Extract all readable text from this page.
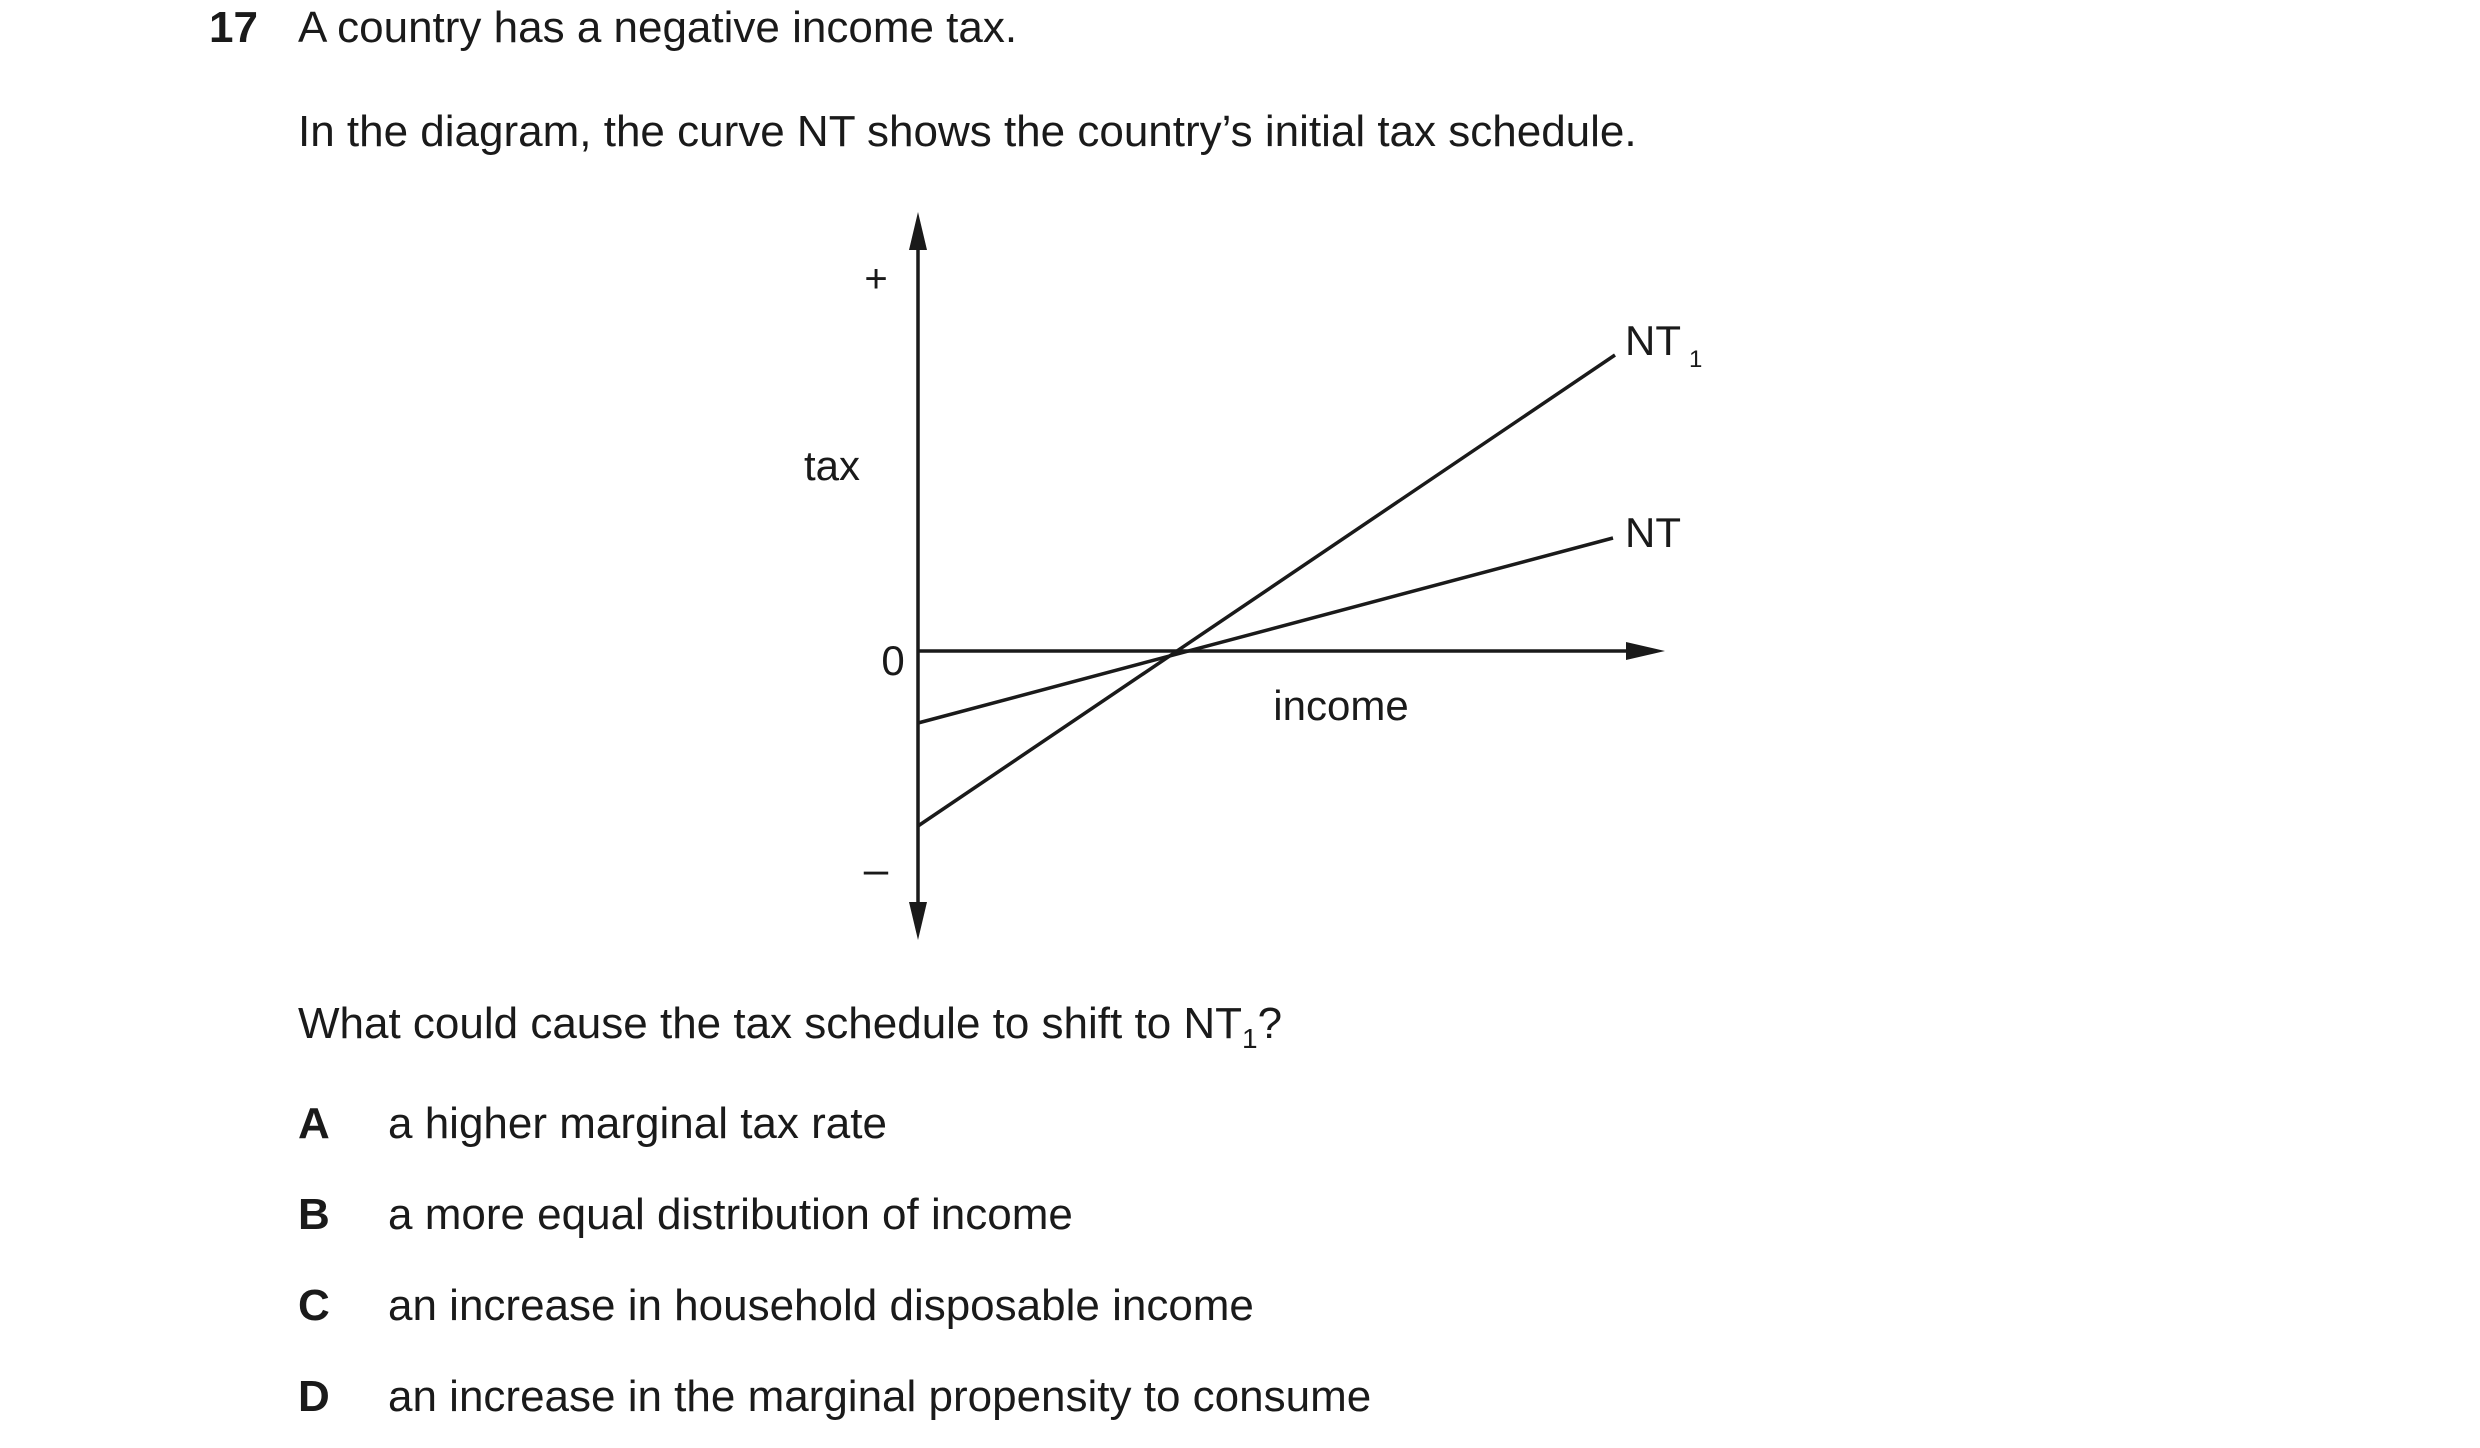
17 A country has a negative income tax.
In the diagram, the curve NT shows the country’s initial tax schedule.
+
–
tax
0
income
NT
NT 1
What could cause the tax schedule to shift to $NT_1$?
A a higher marginal tax rate
B a more equal distribution of income
C an increase in household disposable income
D an increase in the marginal propensity to consume
